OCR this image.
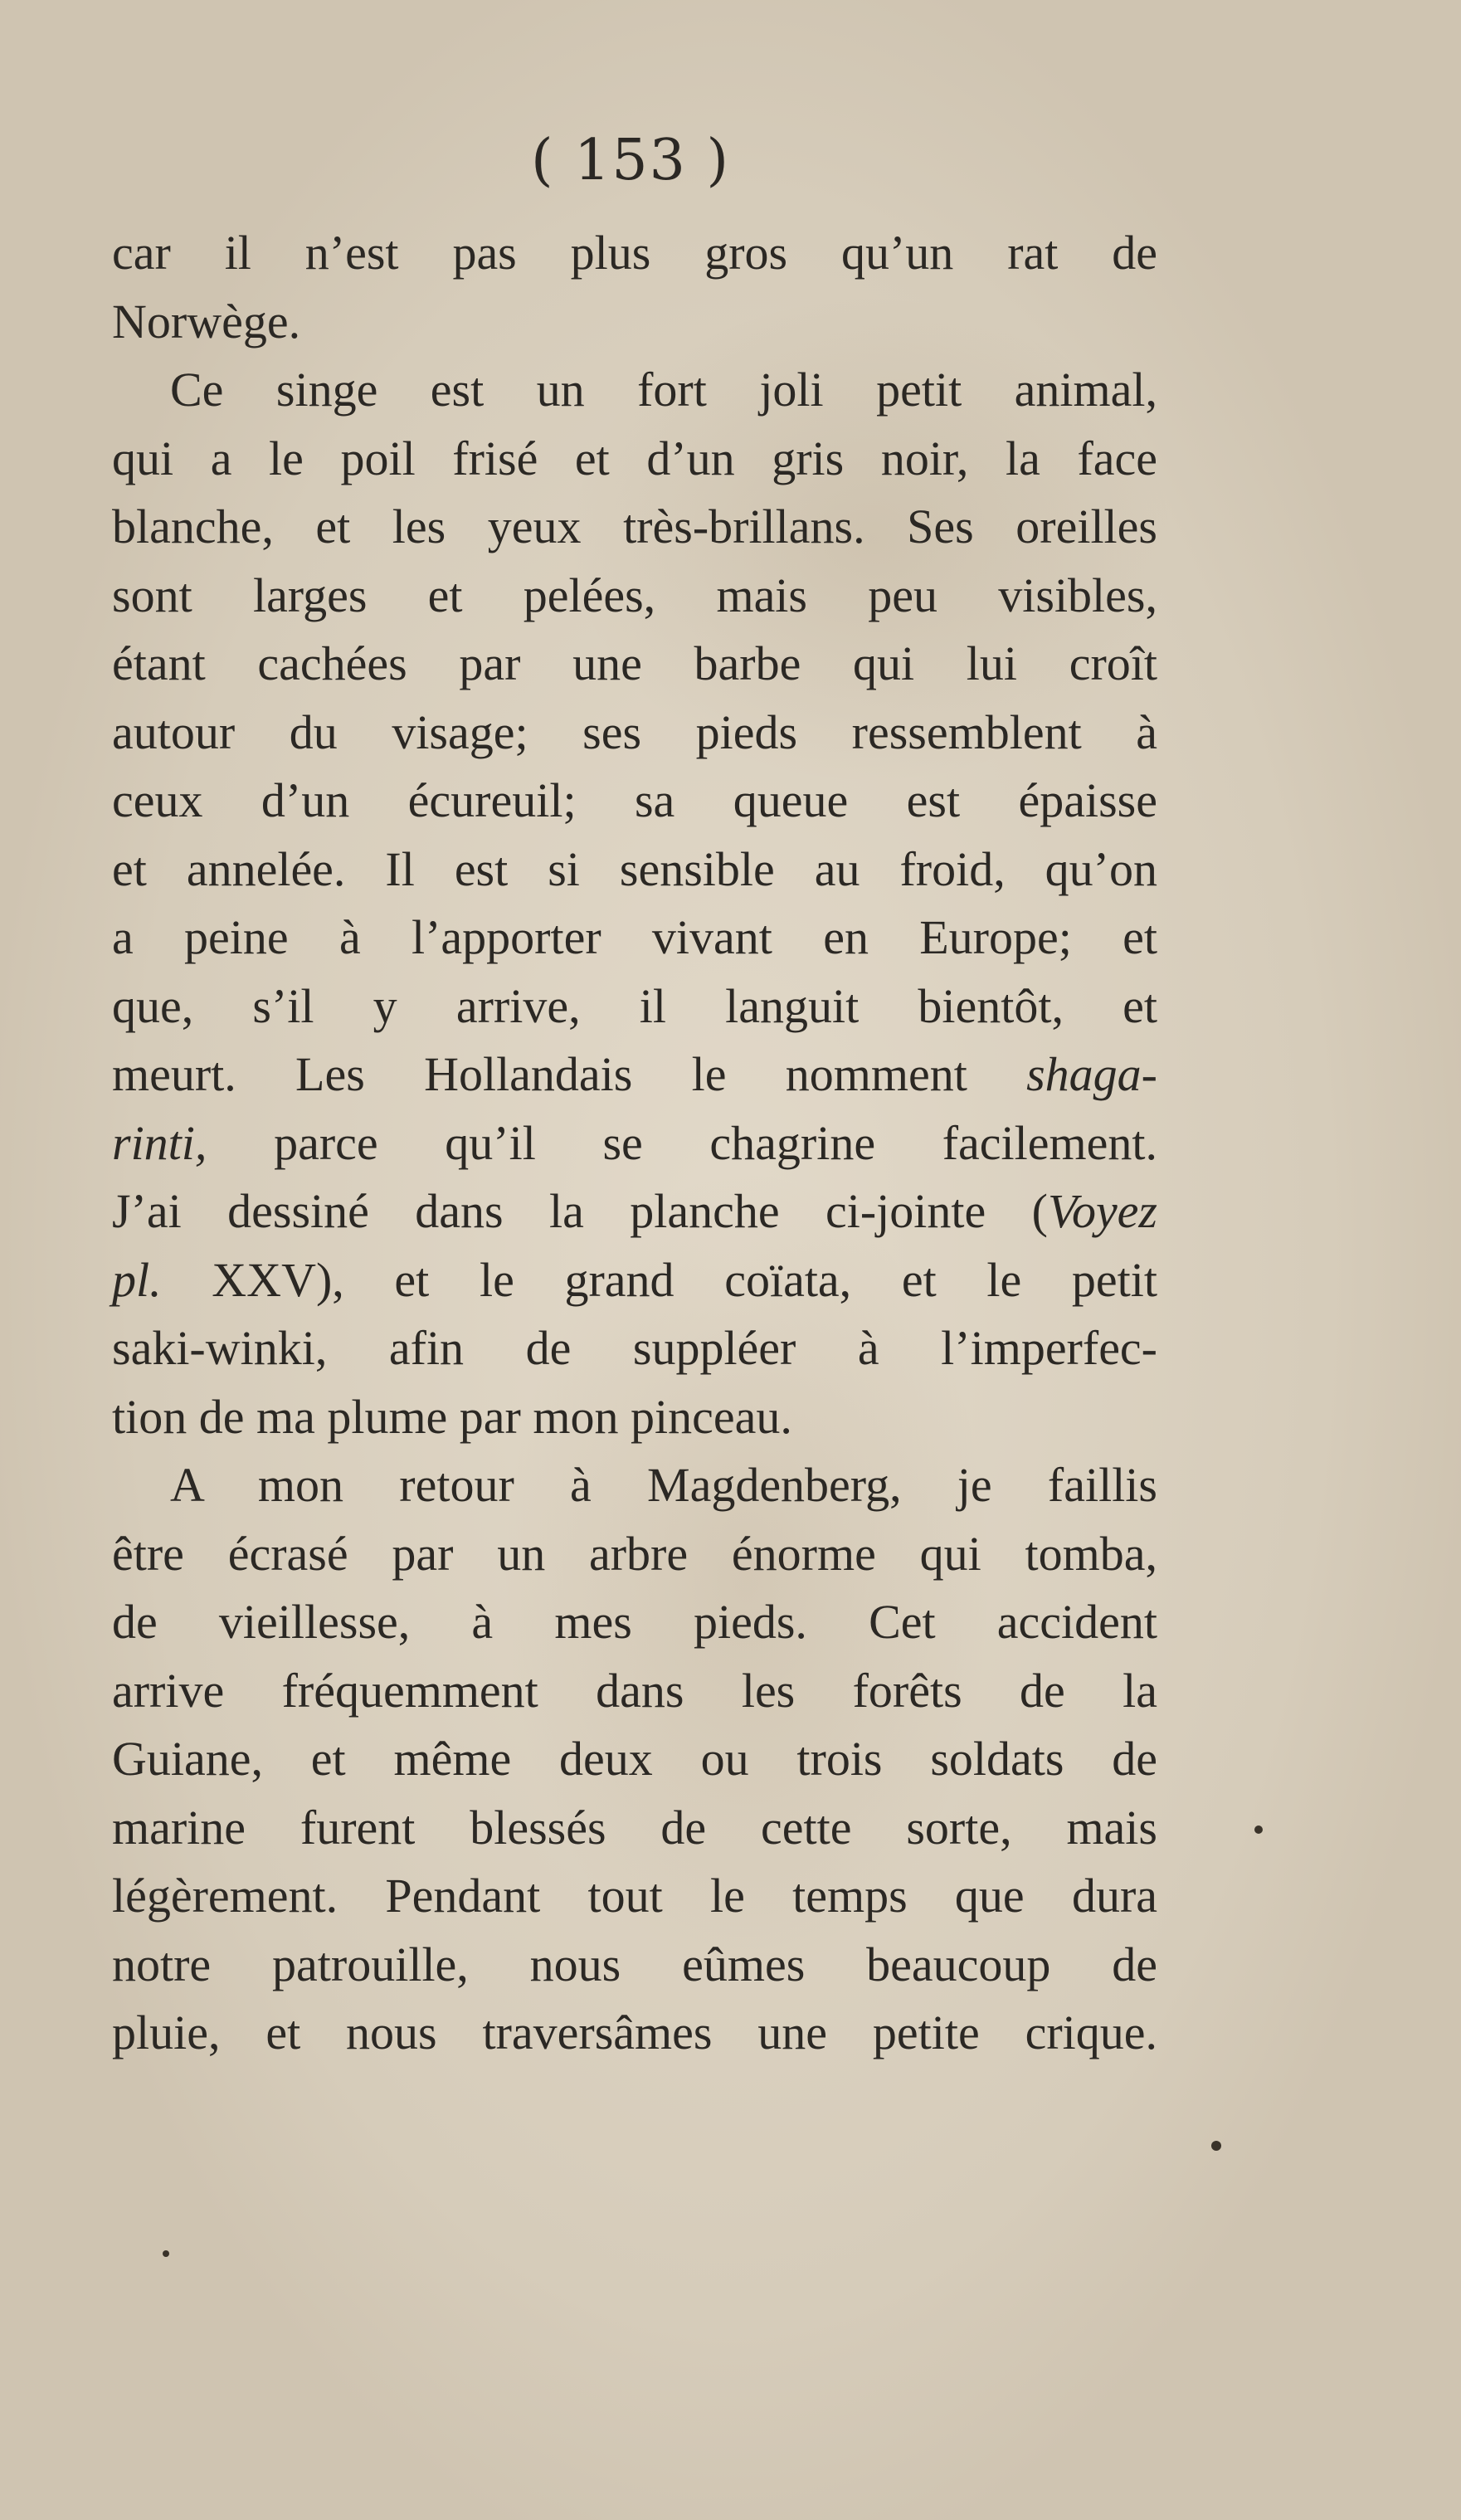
( 153 )
car il n’est pas plus gros qu’un rat de
Norwège.
Ce singe est un fort joli petit animal,
qui a le poil frisé et d’un gris noir, la face
blanche, et les yeux très-brillans. Ses oreilles
sont larges et pelées, mais peu visibles,
étant cachées par une barbe qui lui croît
autour du visage; ses pieds ressemblent à
ceux d’un écureuil; sa queue est épaisse
et annelée. Il est si sensible au froid, qu’on
a peine à l’apporter vivant en Europe; et
que, s’il y arrive, il languit bientôt, et
meurt. Les Hollandais le nomment shaga-
rinti, parce qu’il se chagrine facilement.
J’ai dessiné dans la planche ci-jointe (Voyez
pl. XXV), et le grand coïata, et le petit
saki-winki, afin de suppléer à l’imperfec-
tion de ma plume par mon pinceau.
A mon retour à Magdenberg, je faillis
être écrasé par un arbre énorme qui tomba,
de vieillesse, à mes pieds. Cet accident
arrive fréquemment dans les forêts de la
Guiane, et même deux ou trois soldats de
marine furent blessés de cette sorte, mais
légèrement. Pendant tout le temps que dura
notre patrouille, nous eûmes beaucoup de
pluie, et nous traversâmes une petite crique.
